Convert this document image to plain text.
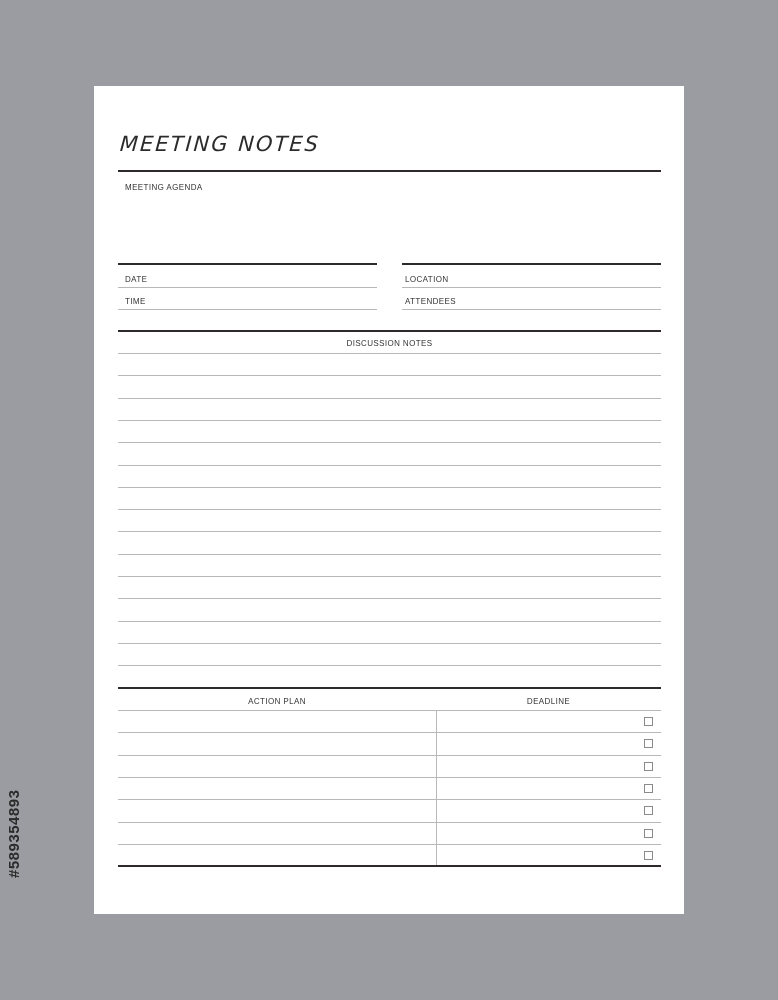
MEETING NOTES
MEETING AGENDA
DATE
TIME
LOCATION
ATTENDEES
DISCUSSION NOTES
ACTION PLAN	DEADLINE
#589354893
